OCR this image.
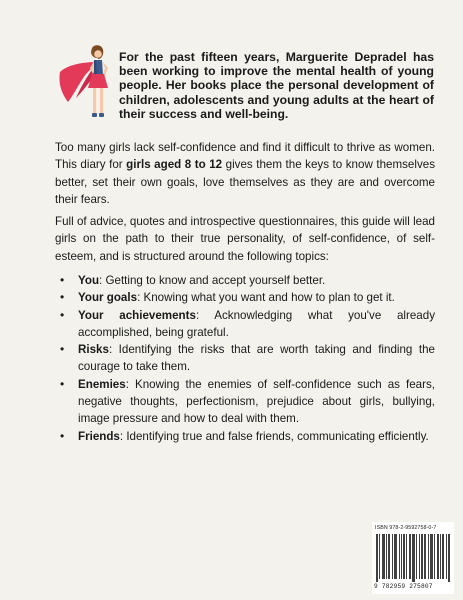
For the past fifteen years, Marguerite Depradel has been working to improve the mental health of young people. Her books place the personal development of children, adolescents and young adults at the heart of their success and well-being.

Too many girls lack self-confidence and find it difficult to thrive as women. This diary for girls aged 8 to 12 gives them the keys to know themselves better, set their own goals, love themselves as they are and overcome their fears.

Full of advice, quotes and introspective questionnaires, this guide will lead girls on the path to their true personality, of self-confidence, of self-esteem, and is structured around the following topics:

• You: Getting to know and accept yourself better.
• Your goals: Knowing what you want and how to plan to get it.
• Your achievements: Acknowledging what you've already accomplished, being grateful.
• Risks: Identifying the risks that are worth taking and finding the courage to take them.
• Enemies: Knowing the enemies of self-confidence such as fears, negative thoughts, perfectionism, prejudice about girls, bullying, image pressure and how to deal with them.
• Friends: Identifying true and false friends, communicating efficiently.
ISBN 978-2-9592758-0-7
9 782959 275807
